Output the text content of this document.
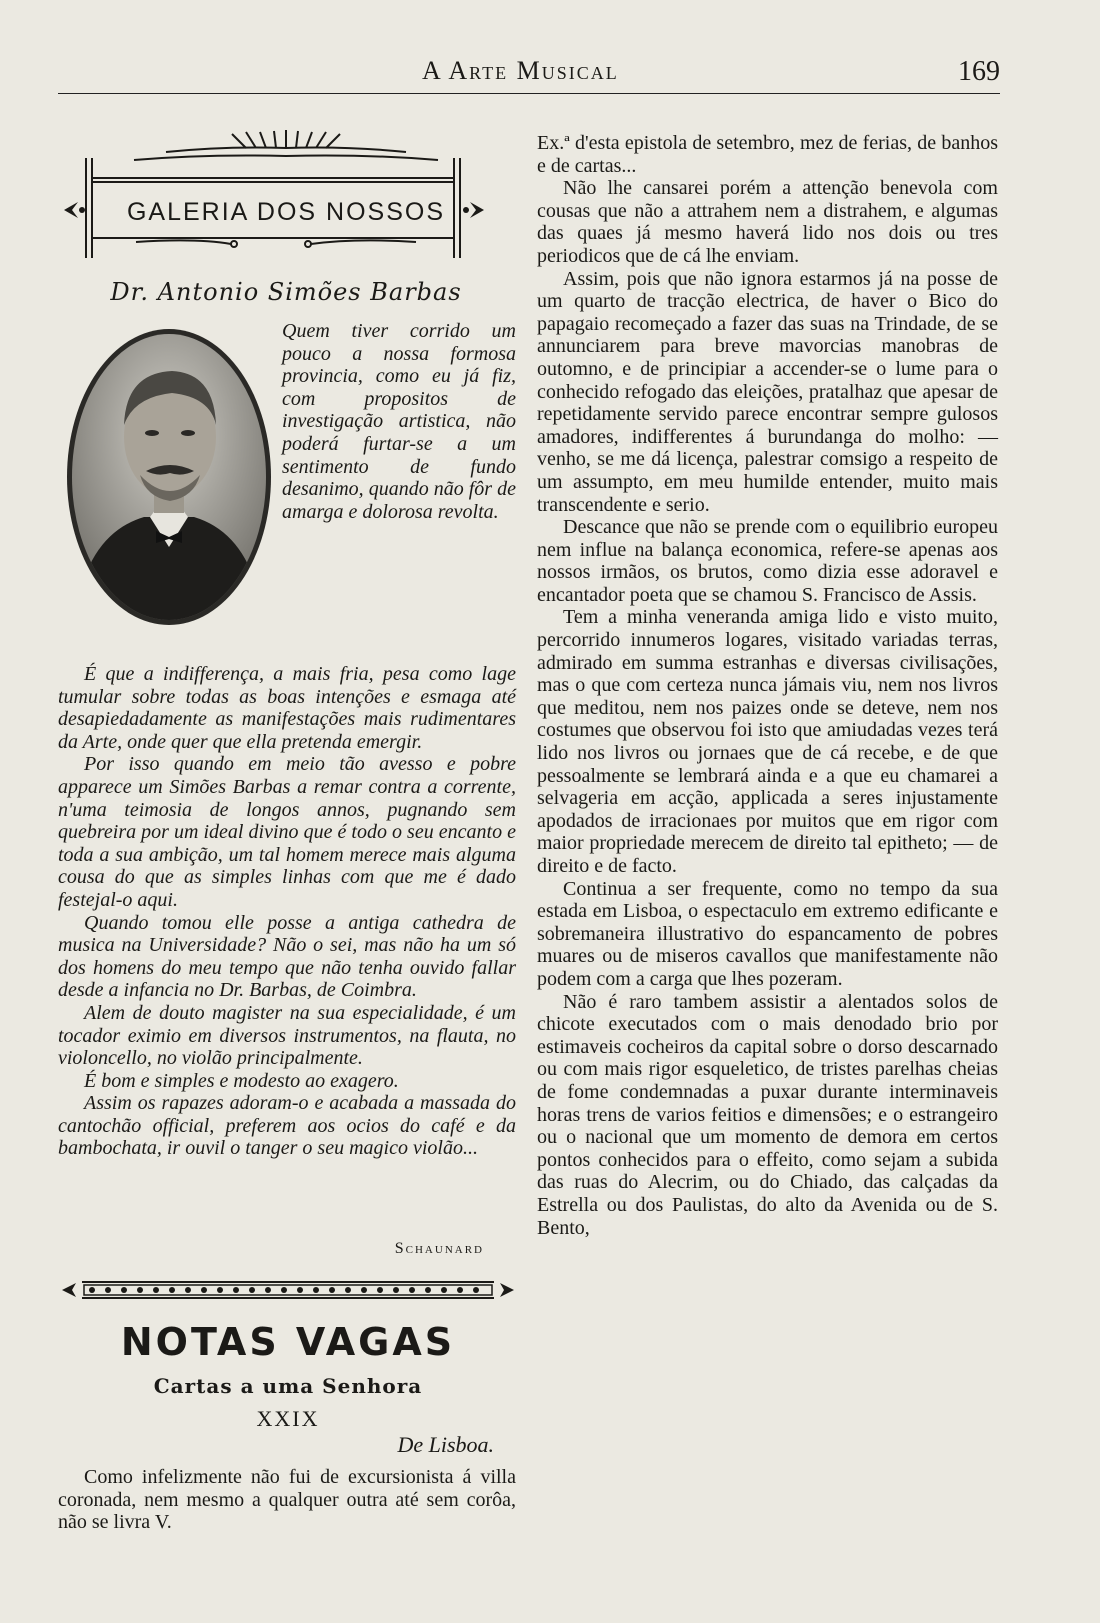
A Arte Musical	169
GALERIA DOS NOSSOS
Dr. Antonio Simões Barbas
Quem tiver corrido um pouco a nossa formosa provincia, como eu já fiz, com propositos de investigação artistica, não poderá furtar-se a um sentimento de fundo desanimo, quando não fôr de amarga e dolorosa revolta.
É que a indifferença, a mais fria, pesa como lage tumular sobre todas as boas intenções e esmaga até desapiedadamente as manifestações mais rudimentares da Arte, onde quer que ella pretenda emergir.
Por isso quando em meio tão avesso e pobre apparece um Simões Barbas a remar contra a corrente, n'uma teimosia de longos annos, pugnando sem quebreira por um ideal divino que é todo o seu encanto e toda a sua ambição, um tal homem merece mais alguma cousa do que as simples linhas com que me é dado festejal-o aqui.
Quando tomou elle posse a antiga cathedra de musica na Universidade? Não o sei, mas não ha um só dos homens do meu tempo que não tenha ouvido fallar desde a infancia no Dr. Barbas, de Coimbra.
Alem de douto magister na sua especialidade, é um tocador eximio em diversos instrumentos, na flauta, no violoncello, no violão principalmente.
É bom e simples e modesto ao exagero.
Assim os rapazes adoram-o e acabada a massada do cantochão official, preferem aos ocios do café e da bambochata, ir ouvil o tanger o seu magico violão...
Schaunard
NOTAS VAGAS
Cartas a uma Senhora
XXIX
De Lisboa.
Como infelizmente não fui de excursionista á villa coronada, nem mesmo a qualquer outra até sem corôa, não se livra V.
Ex.ª d'esta epistola de setembro, mez de ferias, de banhos e de cartas...
Não lhe cansarei porém a attenção benevola com cousas que não a attrahem nem a distrahem, e algumas das quaes já mesmo haverá lido nos dois ou tres periodicos que de cá lhe enviam.
Assim, pois que não ignora estarmos já na posse de um quarto de tracção electrica, de haver o Bico do papagaio recomeçado a fazer das suas na Trindade, de se annunciarem para breve mavorcias manobras de outomno, e de principiar a accender-se o lume para o conhecido refogado das eleições, pratalhaz que apesar de repetidamente servido parece encontrar sempre gulosos amadores, indifferentes á burundanga do molho: — venho, se me dá licença, palestrar comsigo a respeito de um assumpto, em meu humilde entender, muito mais transcendente e serio.
Descance que não se prende com o equilibrio europeu nem influe na balança economica, refere-se apenas aos nossos irmãos, os brutos, como dizia esse adoravel e encantador poeta que se chamou S. Francisco de Assis.
Tem a minha veneranda amiga lido e visto muito, percorrido innumeros logares, visitado variadas terras, admirado em summa estranhas e diversas civilisações, mas o que com certeza nunca jámais viu, nem nos livros que meditou, nem nos paizes onde se deteve, nem nos costumes que observou foi isto que amiudadas vezes terá lido nos livros ou jornaes que de cá recebe, e de que pessoalmente se lembrará ainda e a que eu chamarei a selvageria em acção, applicada a seres injustamente apodados de irracionaes por muitos que em rigor com maior propriedade merecem de direito tal epitheto; — de direito e de facto.
Continua a ser frequente, como no tempo da sua estada em Lisboa, o espectaculo em extremo edificante e sobremaneira illustrativo do espancamento de pobres muares ou de miseros cavallos que manifestamente não podem com a carga que lhes pozeram.
Não é raro tambem assistir a alentados solos de chicote executados com o mais denodado brio por estimaveis cocheiros da capital sobre o dorso descarnado ou com mais rigor esqueletico, de tristes parelhas cheias de fome condemnadas a puxar durante interminaveis horas trens de varios feitios e dimensões; e o estrangeiro ou o nacional que um momento de demora em certos pontos conhecidos para o effeito, como sejam a subida das ruas do Alecrim, ou do Chiado, das calçadas da Estrella ou dos Paulistas, do alto da Avenida ou de S. Bento,
